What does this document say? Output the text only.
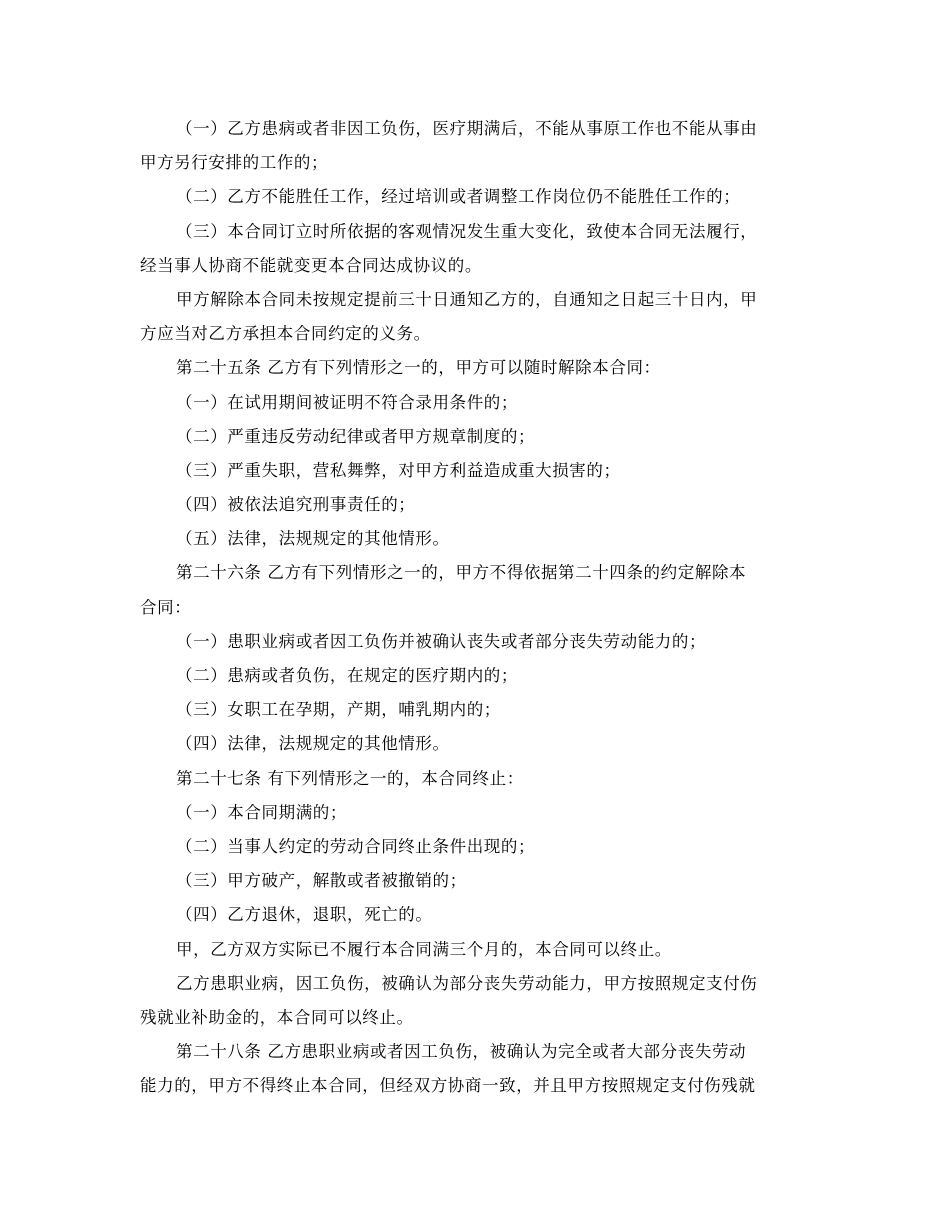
（一）乙方患病或者非因工负伤，医疗期满后，不能从事原工作也不能从事由
甲方另行安排的工作的；
（二）乙方不能胜任工作，经过培训或者调整工作岗位仍不能胜任工作的；
（三）本合同订立时所依据的客观情况发生重大变化，致使本合同无法履行，
经当事人协商不能就变更本合同达成协议的。
甲方解除本合同未按规定提前三十日通知乙方的，自通知之日起三十日内，甲
方应当对乙方承担本合同约定的义务。
第二十五条 乙方有下列情形之一的，甲方可以随时解除本合同：
（一）在试用期间被证明不符合录用条件的；
（二）严重违反劳动纪律或者甲方规章制度的；
（三）严重失职，营私舞弊，对甲方利益造成重大损害的；
（四）被依法追究刑事责任的；
（五）法律，法规规定的其他情形。
第二十六条 乙方有下列情形之一的，甲方不得依据第二十四条的约定解除本
合同：
（一）患职业病或者因工负伤并被确认丧失或者部分丧失劳动能力的；
（二）患病或者负伤，在规定的医疗期内的；
（三）女职工在孕期，产期，哺乳期内的；
（四）法律，法规规定的其他情形。
第二十七条 有下列情形之一的，本合同终止：
（一）本合同期满的；
（二）当事人约定的劳动合同终止条件出现的；
（三）甲方破产，解散或者被撤销的；
（四）乙方退休，退职，死亡的。
甲，乙方双方实际已不履行本合同满三个月的，本合同可以终止。
乙方患职业病，因工负伤，被确认为部分丧失劳动能力，甲方按照规定支付伤
残就业补助金的，本合同可以终止。
第二十八条 乙方患职业病或者因工负伤，被确认为完全或者大部分丧失劳动
能力的，甲方不得终止本合同，但经双方协商一致，并且甲方按照规定支付伤残就
